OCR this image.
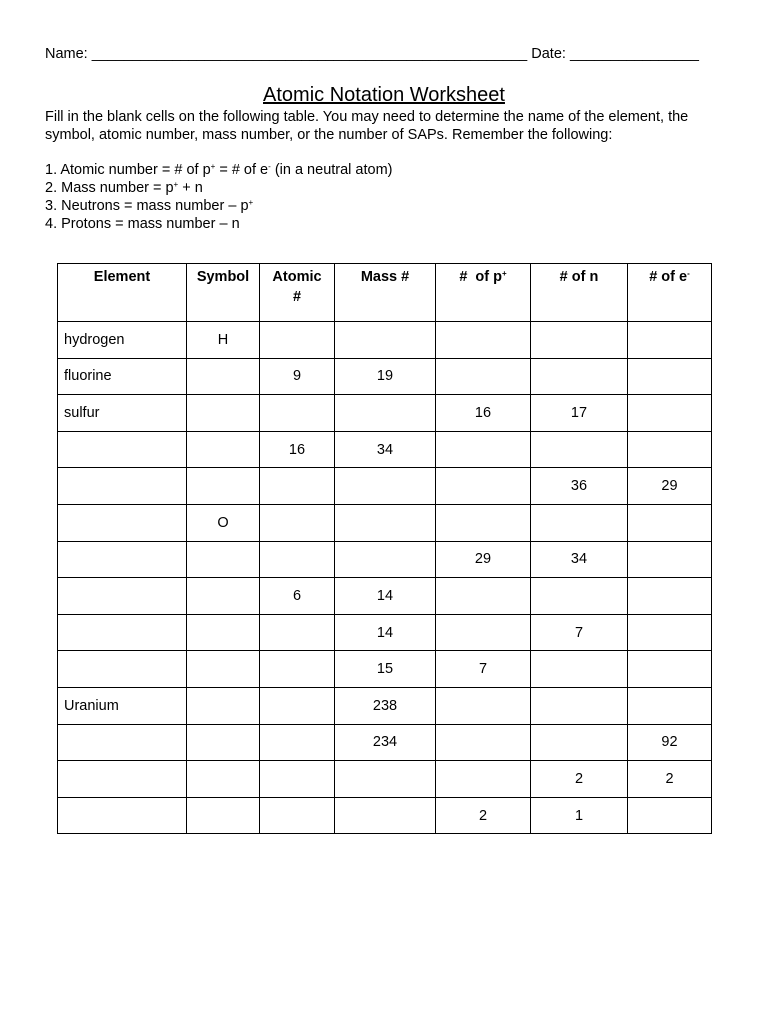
Name: ______________________________________________________ Date: ________________
Atomic Notation Worksheet
Fill in the blank cells on the following table. You may need to determine the name of the element, the symbol, atomic number, mass number, or the number of SAPs. Remember the following:
1. Atomic number = # of p+ = # of e- (in a neutral atom)
2. Mass number = p+ + n
3. Neutrons = mass number – p+
4. Protons = mass number – n
Element	Symbol	Atomic #	Mass #	#  of p+	# of n	# of e-
hydrogen	H					
fluorine		9	19			
sulfur				16	17	
		16	34			
					36	29
	O					
				29	34	
		6	14			
			14		7	
			15	7		
Uranium			238			
			234			92
					2	2
				2	1	
